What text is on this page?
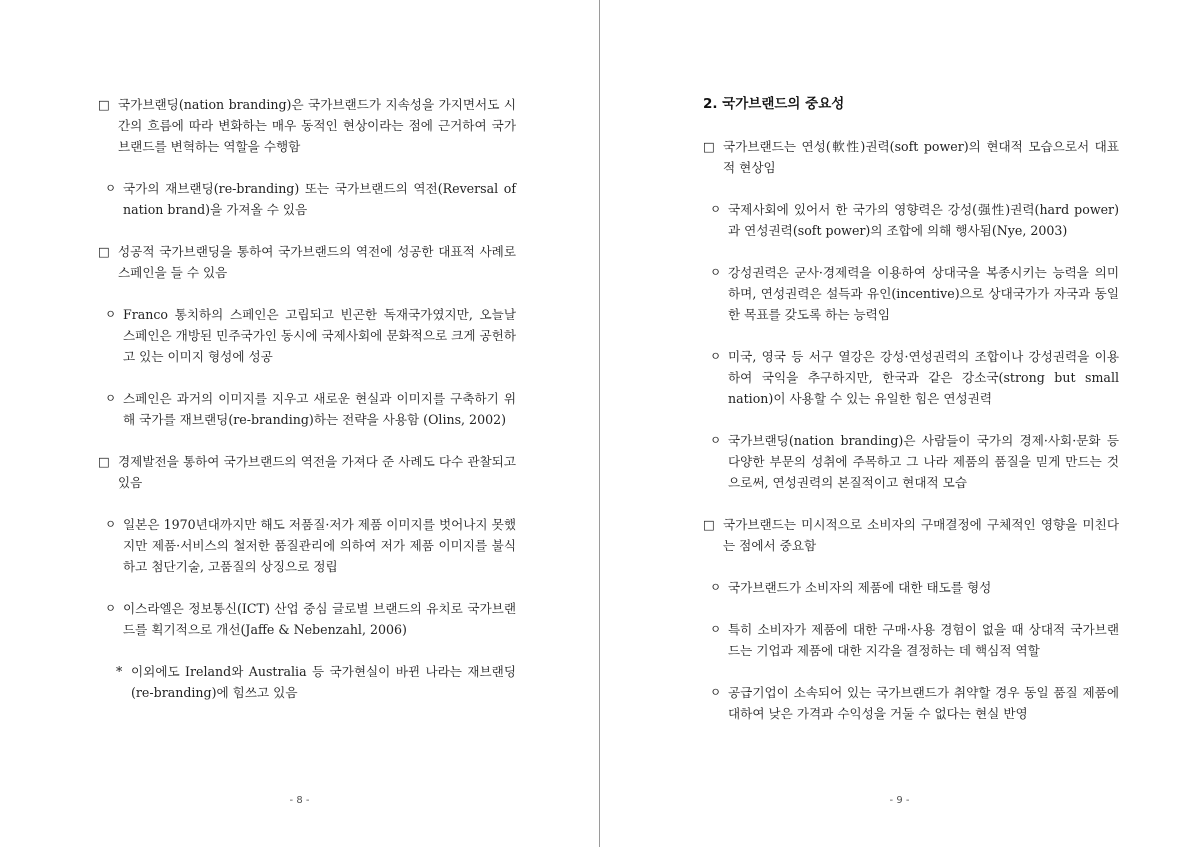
□ 국가브랜딩(nation branding)은 국가브랜드가 지속성을 가지면서도 시간의 흐름에 따라 변화하는 매우 동적인 현상이라는 점에 근거하여 국가브랜드를 변혁하는 역할을 수행함
ㅇ 국가의 재브랜딩(re-branding) 또는 국가브랜드의 역전(Reversal of nation brand)을 가져올 수 있음
□ 성공적 국가브랜딩을 통하여 국가브랜드의 역전에 성공한 대표적 사례로 스페인을 들 수 있음
ㅇ Franco 통치하의 스페인은 고립되고 빈곤한 독재국가였지만, 오늘날 스페인은 개방된 민주국가인 동시에 국제사회에 문화적으로 크게 공헌하고 있는 이미지 형성에 성공
ㅇ 스페인은 과거의 이미지를 지우고 새로운 현실과 이미지를 구축하기 위해 국가를 재브랜딩(re-branding)하는 전략을 사용함 (Olins, 2002)
□ 경제발전을 통하여 국가브랜드의 역전을 가져다 준 사례도 다수 관찰되고 있음
ㅇ 일본은 1970년대까지만 해도 저품질·저가 제품 이미지를 벗어나지 못했지만 제품·서비스의 철저한 품질관리에 의하여 저가 제품 이미지를 불식하고 첨단기술, 고품질의 상징으로 정립
ㅇ 이스라엘은 정보통신(ICT) 산업 중심 글로벌 브랜드의 유치로 국가브랜드를 획기적으로 개선(Jaffe & Nebenzahl, 2006)
* 이외에도 Ireland와 Australia 등 국가현실이 바뀐 나라는 재브랜딩(re-branding)에 힘쓰고 있음
- 8 -
2. 국가브랜드의 중요성
□ 국가브랜드는 연성(軟性)권력(soft power)의 현대적 모습으로서 대표적 현상임
ㅇ 국제사회에 있어서 한 국가의 영향력은 강성(强性)권력(hard power)과 연성권력(soft power)의 조합에 의해 행사됨(Nye, 2003)
ㅇ 강성권력은 군사·경제력을 이용하여 상대국을 복종시키는 능력을 의미하며, 연성권력은 설득과 유인(incentive)으로 상대국가가 자국과 동일한 목표를 갖도록 하는 능력임
ㅇ 미국, 영국 등 서구 열강은 강성·연성권력의 조합이나 강성권력을 이용하여 국익을 추구하지만, 한국과 같은 강소국(strong but small nation)이 사용할 수 있는 유일한 힘은 연성권력
ㅇ 국가브랜딩(nation branding)은 사람들이 국가의 경제·사회·문화 등 다양한 부문의 성취에 주목하고 그 나라 제품의 품질을 믿게 만드는 것으로써, 연성권력의 본질적이고 현대적 모습
□ 국가브랜드는 미시적으로 소비자의 구매결정에 구체적인 영향을 미친다는 점에서 중요함
ㅇ 국가브랜드가 소비자의 제품에 대한 태도를 형성
ㅇ 특히 소비자가 제품에 대한 구매·사용 경험이 없을 때 상대적 국가브랜드는 기업과 제품에 대한 지각을 결정하는 데 핵심적 역할
ㅇ 공급기업이 소속되어 있는 국가브랜드가 취약할 경우 동일 품질 제품에 대하여 낮은 가격과 수익성을 거둘 수 없다는 현실 반영
- 9 -
